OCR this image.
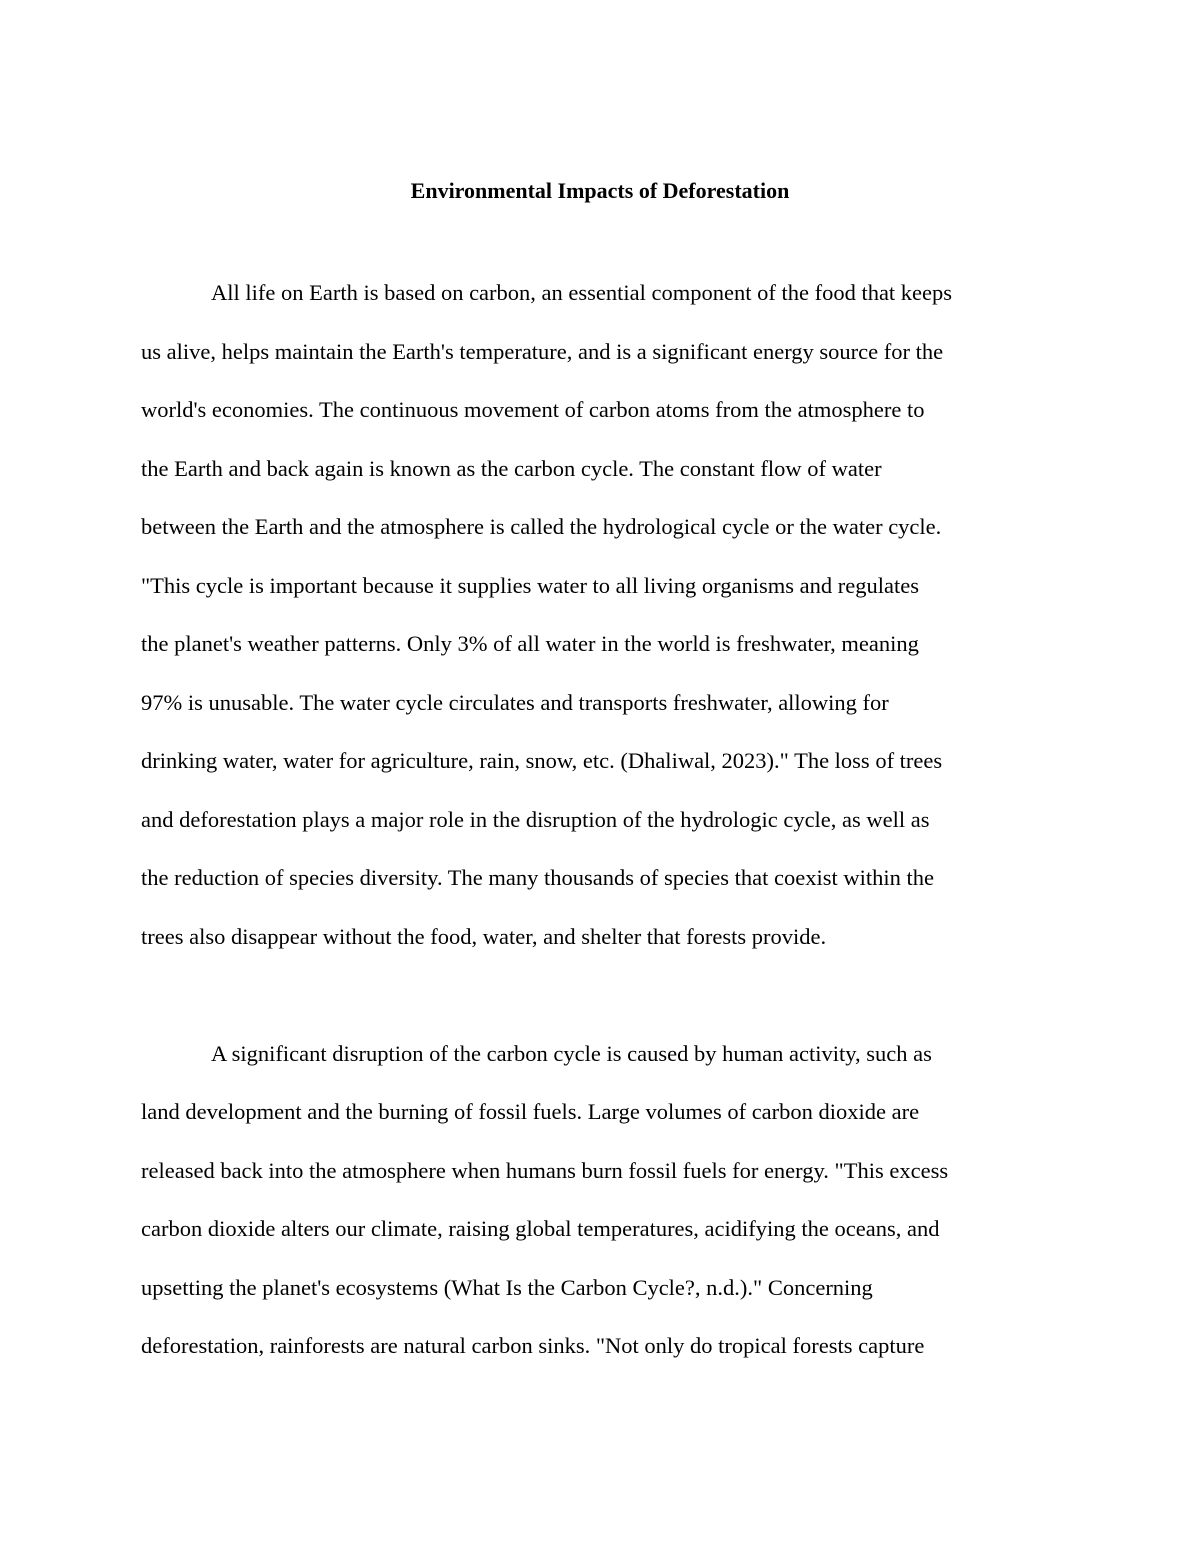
Environmental Impacts of Deforestation
All life on Earth is based on carbon, an essential component of the food that keeps
us alive, helps maintain the Earth's temperature, and is a significant energy source for the
world's economies. The continuous movement of carbon atoms from the atmosphere to
the Earth and back again is known as the carbon cycle. The constant flow of water
between the Earth and the atmosphere is called the hydrological cycle or the water cycle.
"This cycle is important because it supplies water to all living organisms and regulates
the planet's weather patterns. Only 3% of all water in the world is freshwater, meaning
97% is unusable. The water cycle circulates and transports freshwater, allowing for
drinking water, water for agriculture, rain, snow, etc. (Dhaliwal, 2023)." The loss of trees
and deforestation plays a major role in the disruption of the hydrologic cycle, as well as
the reduction of species diversity. The many thousands of species that coexist within the
trees also disappear without the food, water, and shelter that forests provide.
A significant disruption of the carbon cycle is caused by human activity, such as
land development and the burning of fossil fuels. Large volumes of carbon dioxide are
released back into the atmosphere when humans burn fossil fuels for energy. "This excess
carbon dioxide alters our climate, raising global temperatures, acidifying the oceans, and
upsetting the planet's ecosystems (What Is the Carbon Cycle?, n.d.)." Concerning
deforestation, rainforests are natural carbon sinks. "Not only do tropical forests capture
